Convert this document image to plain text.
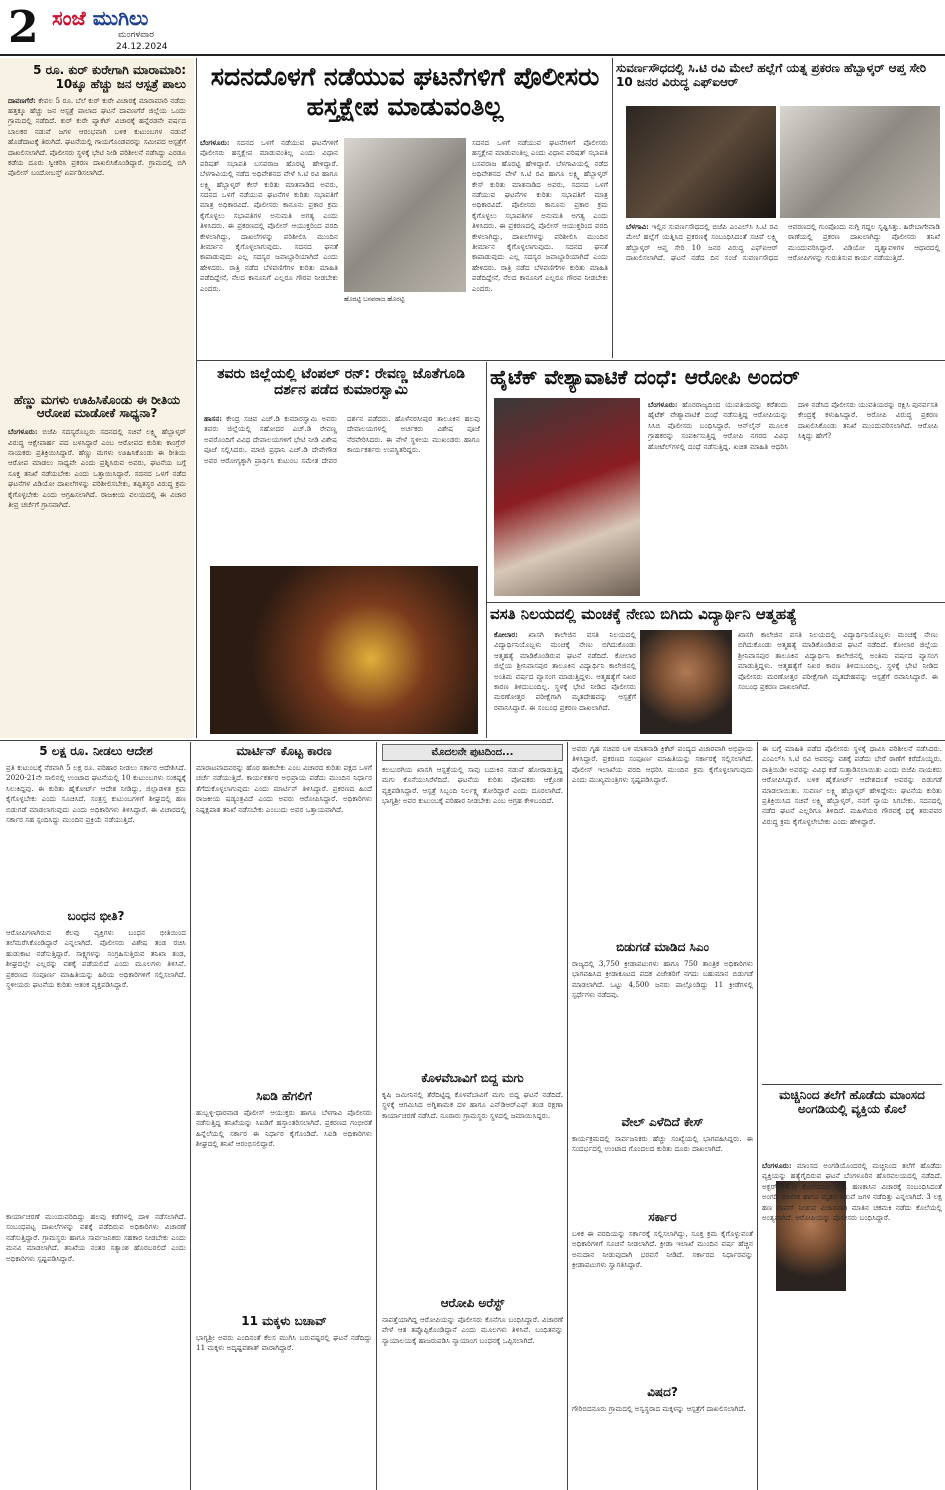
2 ಸಂಜೆ ಮುಗಿಲು
ಮಂಗಳವಾರ
24.12.2024
5 ರೂ. ಕುರ್ ಕುರೇಗಾಗಿ ಮಾರಾಮಾರಿ: 10ಕ್ಕೂ ಹೆಚ್ಚು ಜನ ಆಸ್ಪತ್ರೆ ಪಾಲು
ದಾವಣಗೆರೆ: ಕೇವಲ 5 ರೂ. ಬೆಲೆ ಕುರ್ ಕುರೇ ವಿಚಾರಕ್ಕೆ ಮಾರಾಮಾರಿ ನಡೆದು ಹತ್ತಕ್ಕೂ ಹೆಚ್ಚು ಜನ ಆಸ್ಪತ್ರೆ ಪಾಲಾದ ಘಟನೆ ದಾವಣಗೆರೆ ಜಿಲ್ಲೆಯ ಒಂದು ಗ್ರಾಮದಲ್ಲಿ ನಡೆದಿದೆ. ಕುರ್ ಕುರೇ ಪ್ಯಾಕೆಟ್ ವಿಚಾರಕ್ಕೆ ಹನ್ನೆರಡನೇ ವರ್ಷದ ಬಾಲಕರ ನಡುವೆ ಜಗಳ ಆರಂಭವಾಗಿ ಬಳಿಕ ಕುಟುಂಬಗಳ ನಡುವೆ ಹೊಡೆದಾಟಕ್ಕೆ ತಿರುಗಿದೆ. ಘಟನೆಯಲ್ಲಿ ಗಾಯಗೊಂಡವರನ್ನು ಸಮೀಪದ ಆಸ್ಪತ್ರೆಗೆ ದಾಖಲಿಸಲಾಗಿದೆ. ಪೊಲೀಸರು ಸ್ಥಳಕ್ಕೆ ಭೇಟಿ ನೀಡಿ ಪರಿಶೀಲನೆ ನಡೆಸಿದ್ದು ಎರಡೂ ಕಡೆಯ ದೂರು ಸ್ವೀಕರಿಸಿ ಪ್ರಕರಣ ದಾಖಲಿಸಿಕೊಂಡಿದ್ದಾರೆ. ಗ್ರಾಮದಲ್ಲಿ ಬಿಗಿ ಪೊಲೀಸ್ ಬಂದೋಬಸ್ತ್ ಏರ್ಪಡಿಸಲಾಗಿದೆ.
ಹೆಣ್ಣು ಮಗಳು ಊಹಿಸಿಕೊಂಡು ಈ ರೀತಿಯ ಆರೋಪ ಮಾಡೋಕೆ ಸಾಧ್ಯನಾ?
ಬೆಂಗಳೂರು: ಬಿಜೆಪಿ ಸದಸ್ಯರೊಬ್ಬರು ಸದನದಲ್ಲಿ ಸಚಿವೆ ಲಕ್ಷ್ಮಿ ಹೆಬ್ಬಾಳ್ಕರ್ ವಿರುದ್ಧ ಆಕ್ಷೇಪಾರ್ಹ ಪದ ಬಳಸಿದ್ದಾರೆ ಎಂಬ ಆರೋಪದ ಕುರಿತು ಕಾಂಗ್ರೆಸ್ ನಾಯಕರು ಪ್ರತಿಕ್ರಿಯಿಸಿದ್ದಾರೆ. ಹೆಣ್ಣು ಮಗಳು ಊಹಿಸಿಕೊಂಡು ಈ ರೀತಿಯ ಆರೋಪ ಮಾಡಲು ಸಾಧ್ಯವೇ ಎಂದು ಪ್ರಶ್ನಿಸಿರುವ ಅವರು, ಘಟನೆಯ ಬಗ್ಗೆ ಸೂಕ್ತ ತನಿಖೆ ನಡೆಯಬೇಕು ಎಂದು ಒತ್ತಾಯಿಸಿದ್ದಾರೆ. ಸದನದ ಒಳಗೆ ನಡೆದ ಘಟನೆಗಳ ವಿಡಿಯೋ ದಾಖಲೆಗಳನ್ನು ಪರಿಶೀಲಿಸಬೇಕು, ತಪ್ಪಿತಸ್ಥರ ವಿರುದ್ಧ ಕ್ರಮ ಕೈಗೊಳ್ಳಬೇಕು ಎಂದು ಆಗ್ರಹಿಸಲಾಗಿದೆ. ರಾಜಕೀಯ ವಲಯದಲ್ಲಿ ಈ ವಿಚಾರ ತೀವ್ರ ಚರ್ಚೆಗೆ ಗ್ರಾಸವಾಗಿದೆ.
ಸದನದೊಳಗೆ ನಡೆಯುವ ಘಟನೆಗಳಿಗೆ ಪೊಲೀಸರು ಹಸ್ತಕ್ಷೇಪ ಮಾಡುವಂತಿಲ್ಲ
ಹೊರಟ್ಟಿ ಬಸವರಾಜ ಹೊರಟ್ಟಿ
ಬೆಂಗಳೂರು: ಸದನದ ಒಳಗೆ ನಡೆಯುವ ಘಟನೆಗಳಿಗೆ ಪೊಲೀಸರು ಹಸ್ತಕ್ಷೇಪ ಮಾಡುವಂತಿಲ್ಲ ಎಂದು ವಿಧಾನ ಪರಿಷತ್ ಸಭಾಪತಿ ಬಸವರಾಜ ಹೊರಟ್ಟಿ ಹೇಳಿದ್ದಾರೆ. ಬೆಳಗಾವಿಯಲ್ಲಿ ನಡೆದ ಅಧಿವೇಶನದ ವೇಳೆ ಸಿ.ಟಿ ರವಿ ಹಾಗೂ ಲಕ್ಷ್ಮಿ ಹೆಬ್ಬಾಳ್ಕರ್ ಕೇಸ್ ಕುರಿತು ಮಾತನಾಡಿದ ಅವರು, ಸದನದ ಒಳಗೆ ನಡೆಯುವ ಘಟನೆಗಳ ಕುರಿತು ಸಭಾಪತಿಗೆ ಮಾತ್ರ ಅಧಿಕಾರವಿದೆ. ಪೊಲೀಸರು ಕಾನೂನು ಪ್ರಕಾರ ಕ್ರಮ ಕೈಗೊಳ್ಳಲು ಸಭಾಪತಿಗಳ ಅನುಮತಿ ಅಗತ್ಯ ಎಂದು ತಿಳಿಸಿದರು. ಈ ಪ್ರಕರಣದಲ್ಲಿ ಪೊಲೀಸ್ ಆಯುಕ್ತರಿಂದ ವರದಿ ಕೇಳಲಾಗಿದ್ದು, ದಾಖಲೆಗಳನ್ನು ಪರಿಶೀಲಿಸಿ ಮುಂದಿನ ತೀರ್ಮಾನ ಕೈಗೊಳ್ಳಲಾಗುವುದು. ಸದನದ ಘನತೆ ಕಾಪಾಡುವುದು ಎಲ್ಲ ಸದಸ್ಯರ ಜವಾಬ್ದಾರಿಯಾಗಿದೆ ಎಂದು ಹೇಳಿದರು. ರಾತ್ರಿ ನಡೆದ ಬೆಳವಣಿಗೆಗಳ ಕುರಿತು ಮಾಹಿತಿ ಪಡೆದಿದ್ದೇನೆ, ನೆಲದ ಕಾನೂನಿಗೆ ಎಲ್ಲರೂ ಗೌರವ ನೀಡಬೇಕು ಎಂದರು.
ಸದನದ ಒಳಗೆ ನಡೆಯುವ ಘಟನೆಗಳಿಗೆ ಪೊಲೀಸರು ಹಸ್ತಕ್ಷೇಪ ಮಾಡುವಂತಿಲ್ಲ ಎಂದು ವಿಧಾನ ಪರಿಷತ್ ಸಭಾಪತಿ ಬಸವರಾಜ ಹೊರಟ್ಟಿ ಹೇಳಿದ್ದಾರೆ. ಬೆಳಗಾವಿಯಲ್ಲಿ ನಡೆದ ಅಧಿವೇಶನದ ವೇಳೆ ಸಿ.ಟಿ ರವಿ ಹಾಗೂ ಲಕ್ಷ್ಮಿ ಹೆಬ್ಬಾಳ್ಕರ್ ಕೇಸ್ ಕುರಿತು ಮಾತನಾಡಿದ ಅವರು, ಸದನದ ಒಳಗೆ ನಡೆಯುವ ಘಟನೆಗಳ ಕುರಿತು ಸಭಾಪತಿಗೆ ಮಾತ್ರ ಅಧಿಕಾರವಿದೆ. ಪೊಲೀಸರು ಕಾನೂನು ಪ್ರಕಾರ ಕ್ರಮ ಕೈಗೊಳ್ಳಲು ಸಭಾಪತಿಗಳ ಅನುಮತಿ ಅಗತ್ಯ ಎಂದು ತಿಳಿಸಿದರು. ಈ ಪ್ರಕರಣದಲ್ಲಿ ಪೊಲೀಸ್ ಆಯುಕ್ತರಿಂದ ವರದಿ ಕೇಳಲಾಗಿದ್ದು, ದಾಖಲೆಗಳನ್ನು ಪರಿಶೀಲಿಸಿ ಮುಂದಿನ ತೀರ್ಮಾನ ಕೈಗೊಳ್ಳಲಾಗುವುದು. ಸದನದ ಘನತೆ ಕಾಪಾಡುವುದು ಎಲ್ಲ ಸದಸ್ಯರ ಜವಾಬ್ದಾರಿಯಾಗಿದೆ ಎಂದು ಹೇಳಿದರು. ರಾತ್ರಿ ನಡೆದ ಬೆಳವಣಿಗೆಗಳ ಕುರಿತು ಮಾಹಿತಿ ಪಡೆದಿದ್ದೇನೆ, ನೆಲದ ಕಾನೂನಿಗೆ ಎಲ್ಲರೂ ಗೌರವ ನೀಡಬೇಕು ಎಂದರು.
ಸುವರ್ಣಸೌಧದಲ್ಲಿ ಸಿ.ಟಿ ರವಿ ಮೇಲೆ ಹಲ್ಲೆಗೆ ಯತ್ನ ಪ್ರಕರಣ ಹೆಬ್ಬಾಳ್ಕರ್ ಆಪ್ತ ಸೇರಿ 10 ಜನರ ವಿರುದ್ಧ ಎಫ್‌ಐಆರ್
ಬೆಳಗಾವಿ: ಇಲ್ಲಿನ ಸುವರ್ಣಸೌಧದಲ್ಲಿ ಬಿಜೆಪಿ ಎಂಎಲ್‌ಸಿ ಸಿ.ಟಿ ರವಿ ಮೇಲೆ ಹಲ್ಲೆಗೆ ಯತ್ನಿಸಿದ ಪ್ರಕರಣಕ್ಕೆ ಸಂಬಂಧಿಸಿದಂತೆ ಸಚಿವೆ ಲಕ್ಷ್ಮಿ ಹೆಬ್ಬಾಳ್ಕರ್ ಆಪ್ತ ಸೇರಿ 10 ಜನರ ವಿರುದ್ಧ ಎಫ್‌ಐಆರ್ ದಾಖಲಿಸಲಾಗಿದೆ. ಘಟನೆ ನಡೆದ ದಿನ ಸಂಜೆ ಸುವರ್ಣಸೌಧದ ಆವರಣದಲ್ಲಿ ಗುಂಪೊಂದು ನುಗ್ಗಿ ಗದ್ದಲ ಸೃಷ್ಟಿಸಿತ್ತು. ಹಿರೇಬಾಗೇವಾಡಿ ಠಾಣೆಯಲ್ಲಿ ಪ್ರಕರಣ ದಾಖಲಾಗಿದ್ದು ಪೊಲೀಸರು ತನಿಖೆ ಮುಂದುವರಿಸಿದ್ದಾರೆ. ವಿಡಿಯೋ ದೃಶ್ಯಾವಳಿಗಳ ಆಧಾರದಲ್ಲಿ ಆರೋಪಿಗಳನ್ನು ಗುರುತಿಸುವ ಕಾರ್ಯ ನಡೆಯುತ್ತಿದೆ.
ತವರು ಜಿಲ್ಲೆಯಲ್ಲಿ ಟೆಂಪಲ್ ರನ್: ರೇವಣ್ಣ ಜೊತೆಗೂಡಿ ದರ್ಶನ ಪಡೆದ ಕುಮಾರಸ್ವಾಮಿ
ಹಾಸನ: ಕೇಂದ್ರ ಸಚಿವ ಎಚ್.ಡಿ ಕುಮಾರಸ್ವಾಮಿ ಅವರು ತವರು ಜಿಲ್ಲೆಯಲ್ಲಿ ಸಹೋದರ ಎಚ್.ಡಿ ರೇವಣ್ಣ ಅವರೊಂದಿಗೆ ವಿವಿಧ ದೇವಾಲಯಗಳಿಗೆ ಭೇಟಿ ನೀಡಿ ವಿಶೇಷ ಪೂಜೆ ಸಲ್ಲಿಸಿದರು. ಮಾಜಿ ಪ್ರಧಾನಿ ಎಚ್.ಡಿ ದೇವೇಗೌಡ ಅವರ ಆರೋಗ್ಯಕ್ಕಾಗಿ ಪ್ರಾರ್ಥಿಸಿ ಕುಟುಂಬ ಸಮೇತ ದೇವರ ದರ್ಶನ ಪಡೆದರು. ಹೊಳೆನರಸೀಪುರ ತಾಲೂಕಿನ ಹಲವು ದೇವಾಲಯಗಳಲ್ಲಿ ಅರ್ಚಕರು ವಿಶೇಷ ಪೂಜೆ ನೆರವೇರಿಸಿದರು. ಈ ವೇಳೆ ಸ್ಥಳೀಯ ಮುಖಂಡರು ಹಾಗೂ ಕಾರ್ಯಕರ್ತರು ಉಪಸ್ಥಿತರಿದ್ದರು.
ಹೈಟೆಕ್ ವೇಶ್ಯಾವಾಟಿಕೆ ದಂಧೆ: ಆರೋಪಿ ಅಂದರ್
ಬೆಂಗಳೂರು: ಹೊರರಾಜ್ಯದಿಂದ ಯುವತಿಯರನ್ನು ಕರೆತಂದು ಹೈಟೆಕ್ ವೇಶ್ಯಾವಾಟಿಕೆ ದಂಧೆ ನಡೆಸುತ್ತಿದ್ದ ಆರೋಪಿಯನ್ನು ಸಿಸಿಬಿ ಪೊಲೀಸರು ಬಂಧಿಸಿದ್ದಾರೆ. ಆನ್‌ಲೈನ್ ಮೂಲಕ ಗ್ರಾಹಕರನ್ನು ಸಂಪರ್ಕಿಸುತ್ತಿದ್ದ ಆರೋಪಿ ನಗರದ ವಿವಿಧ ಹೋಟೆಲ್‌ಗಳಲ್ಲಿ ದಂಧೆ ನಡೆಸುತ್ತಿದ್ದ. ಖಚಿತ ಮಾಹಿತಿ ಆಧರಿಸಿ ದಾಳಿ ನಡೆಸಿದ ಪೊಲೀಸರು ಯುವತಿಯರನ್ನು ರಕ್ಷಿಸಿ ಪುನರ್ವಸತಿ ಕೇಂದ್ರಕ್ಕೆ ಕಳುಹಿಸಿದ್ದಾರೆ. ಆರೋಪಿ ವಿರುದ್ಧ ಪ್ರಕರಣ ದಾಖಲಿಸಿಕೊಂಡು ತನಿಖೆ ಮುಂದುವರಿಸಲಾಗಿದೆ. ಆರೋಪಿ ಸಿಕ್ಕಿದ್ದು ಹೇಗೆ?
ವಸತಿ ನಿಲಯದಲ್ಲಿ ಮಂಚಕ್ಕೆ ನೇಣು ಬಿಗಿದು ವಿದ್ಯಾರ್ಥಿನಿ ಆತ್ಮಹತ್ಯೆ
ಕೋಲಾರ: ಖಾಸಗಿ ಕಾಲೇಜಿನ ವಸತಿ ನಿಲಯದಲ್ಲಿ ವಿದ್ಯಾರ್ಥಿನಿಯೊಬ್ಬಳು ಮಂಚಕ್ಕೆ ನೇಣು ಬಿಗಿದುಕೊಂಡು ಆತ್ಮಹತ್ಯೆ ಮಾಡಿಕೊಂಡಿರುವ ಘಟನೆ ನಡೆದಿದೆ. ಕೋಲಾರ ಜಿಲ್ಲೆಯ ಶ್ರೀನಿವಾಸಪುರ ತಾಲೂಕಿನ ವಿದ್ಯಾರ್ಥಿನಿ ಕಾಲೇಜಿನಲ್ಲಿ ಅಂತಿಮ ವರ್ಷದ ವ್ಯಾಸಂಗ ಮಾಡುತ್ತಿದ್ದಳು. ಆತ್ಮಹತ್ಯೆಗೆ ನಿಖರ ಕಾರಣ ತಿಳಿದುಬಂದಿಲ್ಲ. ಸ್ಥಳಕ್ಕೆ ಭೇಟಿ ನೀಡಿದ ಪೊಲೀಸರು ಮರಣೋತ್ತರ ಪರೀಕ್ಷೆಗಾಗಿ ಮೃತದೇಹವನ್ನು ಆಸ್ಪತ್ರೆಗೆ ರವಾನಿಸಿದ್ದಾರೆ. ಈ ಸಂಬಂಧ ಪ್ರಕರಣ ದಾಖಲಾಗಿದೆ.
ಖಾಸಗಿ ಕಾಲೇಜಿನ ವಸತಿ ನಿಲಯದಲ್ಲಿ ವಿದ್ಯಾರ್ಥಿನಿಯೊಬ್ಬಳು ಮಂಚಕ್ಕೆ ನೇಣು ಬಿಗಿದುಕೊಂಡು ಆತ್ಮಹತ್ಯೆ ಮಾಡಿಕೊಂಡಿರುವ ಘಟನೆ ನಡೆದಿದೆ. ಕೋಲಾರ ಜಿಲ್ಲೆಯ ಶ್ರೀನಿವಾಸಪುರ ತಾಲೂಕಿನ ವಿದ್ಯಾರ್ಥಿನಿ ಕಾಲೇಜಿನಲ್ಲಿ ಅಂತಿಮ ವರ್ಷದ ವ್ಯಾಸಂಗ ಮಾಡುತ್ತಿದ್ದಳು. ಆತ್ಮಹತ್ಯೆಗೆ ನಿಖರ ಕಾರಣ ತಿಳಿದುಬಂದಿಲ್ಲ. ಸ್ಥಳಕ್ಕೆ ಭೇಟಿ ನೀಡಿದ ಪೊಲೀಸರು ಮರಣೋತ್ತರ ಪರೀಕ್ಷೆಗಾಗಿ ಮೃತದೇಹವನ್ನು ಆಸ್ಪತ್ರೆಗೆ ರವಾನಿಸಿದ್ದಾರೆ. ಈ ಸಂಬಂಧ ಪ್ರಕರಣ ದಾಖಲಾಗಿದೆ.
5 ಲಕ್ಷ ರೂ. ನೀಡಲು ಆದೇಶ
ಪ್ರತಿ ಕುಟುಂಬಕ್ಕೆ ನೆರವಾಗಿ 5 ಲಕ್ಷ ರೂ. ಪರಿಹಾರ ನೀಡಲು ಸರ್ಕಾರ ಆದೇಶಿಸಿದೆ. 2020-21ನೇ ಸಾಲಿನಲ್ಲಿ ಉಂಟಾದ ಘಟನೆಯಲ್ಲಿ 10 ಕುಟುಂಬಗಳು ಸಂಕಷ್ಟಕ್ಕೆ ಸಿಲುಕಿದ್ದವು. ಈ ಕುರಿತು ಹೈಕೋರ್ಟ್ ಆದೇಶ ನೀಡಿದ್ದು, ಜಿಲ್ಲಾಡಳಿತ ಕ್ರಮ ಕೈಗೊಳ್ಳಬೇಕು ಎಂದು ಸೂಚಿಸಿದೆ. ಸಂತ್ರಸ್ತ ಕುಟುಂಬಗಳಿಗೆ ಶೀಘ್ರದಲ್ಲಿ ಹಣ ಬಿಡುಗಡೆ ಮಾಡಲಾಗುವುದು ಎಂದು ಅಧಿಕಾರಿಗಳು ತಿಳಿಸಿದ್ದಾರೆ. ಈ ವಿಚಾರದಲ್ಲಿ ಸರ್ಕಾರ ಸಹ ಸ್ಪಂದಿಸಿದ್ದು ಮುಂದಿನ ಪ್ರಕ್ರಿಯೆ ನಡೆಯುತ್ತಿದೆ.
ಬಂಧನ ಭೀತಿ?
ಆರೋಪಿಗಳಾಗಿರುವ ಕೆಲವು ವ್ಯಕ್ತಿಗಳು ಬಂಧನ ಭೀತಿಯಿಂದ ತಲೆಮರೆಸಿಕೊಂಡಿದ್ದಾರೆ ಎನ್ನಲಾಗಿದೆ. ಪೊಲೀಸರು ವಿಶೇಷ ತಂಡ ರಚಿಸಿ ಹುಡುಕಾಟ ನಡೆಸುತ್ತಿದ್ದಾರೆ. ಸಾಕ್ಷ್ಯಗಳನ್ನು ಸಂಗ್ರಹಿಸುತ್ತಿರುವ ತನಿಖಾ ತಂಡ, ಶೀಘ್ರದಲ್ಲೇ ಎಲ್ಲರನ್ನು ವಶಕ್ಕೆ ಪಡೆಯಲಿದೆ ಎಂದು ಮೂಲಗಳು ತಿಳಿಸಿವೆ. ಪ್ರಕರಣದ ಸಂಪೂರ್ಣ ಮಾಹಿತಿಯನ್ನು ಹಿರಿಯ ಅಧಿಕಾರಿಗಳಿಗೆ ಸಲ್ಲಿಸಲಾಗಿದೆ. ಸ್ಥಳೀಯರು ಘಟನೆಯ ಕುರಿತು ಆತಂಕ ವ್ಯಕ್ತಪಡಿಸಿದ್ದಾರೆ.
ಕಾರ್ಯಾಚರಣೆ ಮುಂದುವರಿದಿದ್ದು ಹಲವು ಕಡೆಗಳಲ್ಲಿ ದಾಳಿ ನಡೆಸಲಾಗಿದೆ. ಸಂಬಂಧಪಟ್ಟ ದಾಖಲೆಗಳನ್ನು ವಶಕ್ಕೆ ಪಡೆದಿರುವ ಅಧಿಕಾರಿಗಳು ವಿಚಾರಣೆ ನಡೆಸುತ್ತಿದ್ದಾರೆ. ಗ್ರಾಮಸ್ಥರು ಹಾಗೂ ಸಾರ್ವಜನಿಕರು ಸಹಕಾರ ನೀಡಬೇಕು ಎಂದು ಮನವಿ ಮಾಡಲಾಗಿದೆ. ತನಿಖೆಯ ನಂತರ ಸತ್ಯಾಂಶ ಹೊರಬರಲಿದೆ ಎಂದು ಅಧಿಕಾರಿಗಳು ಸ್ಪಷ್ಟಪಡಿಸಿದ್ದಾರೆ.
ಮಾರ್ಟಿನ್ ಕೊಟ್ಟ ಕಾರಣ
ಮಾರಾಟವಾದವರನ್ನು ಹೊರ ಹಾಕಬೇಕು ಎಂಬ ವಿಚಾರದ ಕುರಿತು ಪಕ್ಷದ ಒಳಗೆ ಚರ್ಚೆ ನಡೆಯುತ್ತಿದೆ. ಕಾರ್ಯಕರ್ತರ ಅಭಿಪ್ರಾಯ ಪಡೆದು ಮುಂದಿನ ನಿರ್ಧಾರ ತೆಗೆದುಕೊಳ್ಳಲಾಗುವುದು ಎಂದು ಮಾರ್ಟಿನ್ ತಿಳಿಸಿದ್ದಾರೆ. ಪ್ರಕರಣದ ಹಿಂದೆ ರಾಜಕೀಯ ಷಡ್ಯಂತ್ರವಿದೆ ಎಂದು ಅವರು ಆರೋಪಿಸಿದ್ದಾರೆ. ಅಧಿಕಾರಿಗಳು ನಿಷ್ಪಕ್ಷಪಾತ ತನಿಖೆ ನಡೆಸಬೇಕು ಎಂಬುದು ಅವರ ಒತ್ತಾಯವಾಗಿದೆ.
ಸಿಐಡಿ ಹೆಗಲಿಗೆ
ಹುಬ್ಬಳ್ಳಿ-ಧಾರವಾಡ ಪೊಲೀಸ್ ಆಯುಕ್ತರು ಹಾಗೂ ಬೆಳಗಾವಿ ಪೊಲೀಸರು ನಡೆಸುತ್ತಿದ್ದ ತನಿಖೆಯನ್ನು ಸಿಐಡಿಗೆ ಹಸ್ತಾಂತರಿಸಲಾಗಿದೆ. ಪ್ರಕರಣದ ಗಂಭೀರತೆ ಹಿನ್ನೆಲೆಯಲ್ಲಿ ಸರ್ಕಾರ ಈ ನಿರ್ಧಾರ ಕೈಗೊಂಡಿದೆ. ಸಿಐಡಿ ಅಧಿಕಾರಿಗಳು ಶೀಘ್ರದಲ್ಲಿ ತನಿಖೆ ಆರಂಭಿಸಲಿದ್ದಾರೆ.
11 ಮಕ್ಕಳು ಬಚಾವ್
ಭಾಗ್ಯಶ್ರೀ ಅವರು ಎಂದಿನಂತೆ ಕೆಲಸ ಮುಗಿಸಿ ಬರುವಷ್ಟರಲ್ಲಿ ಘಟನೆ ನಡೆದಿದ್ದು 11 ಮಕ್ಕಳು ಅದೃಷ್ಟವಶಾತ್ ಪಾರಾಗಿದ್ದಾರೆ.
ಮೊದಲನೇ ಪುಟದಿಂದ...
ಕಲಬುರಗಿಯ ಖಾಸಗಿ ಆಸ್ಪತ್ರೆಯಲ್ಲಿ ಸಾವು ಬದುಕಿನ ನಡುವೆ ಹೋರಾಡುತ್ತಿದ್ದ ಮಗು ಕೊನೆಯುಸಿರೆಳೆದಿದೆ. ಘಟನೆಯ ಕುರಿತು ಪೋಷಕರು ಆಕ್ರೋಶ ವ್ಯಕ್ತಪಡಿಸಿದ್ದಾರೆ. ಆಸ್ಪತ್ರೆ ಸಿಬ್ಬಂದಿ ನಿರ್ಲಕ್ಷ್ಯ ತೋರಿದ್ದಾರೆ ಎಂದು ದೂರಲಾಗಿದೆ. ಭಾಗ್ಯಶ್ರೀ ಅವರ ಕುಟುಂಬಕ್ಕೆ ಪರಿಹಾರ ನೀಡಬೇಕು ಎಂಬ ಆಗ್ರಹ ಕೇಳಿಬಂದಿದೆ.
ಕೊಳವೆಬಾವಿಗೆ ಬಿದ್ದ ಮಗು
ಕೃಷಿ ಜಮೀನಿನಲ್ಲಿ ತೆರೆದಿಟ್ಟಿದ್ದ ಕೊಳವೆಬಾವಿಗೆ ಮಗು ಬಿದ್ದ ಘಟನೆ ನಡೆದಿದೆ. ಸ್ಥಳಕ್ಕೆ ಆಗಮಿಸಿದ ಅಗ್ನಿಶಾಮಕ ದಳ ಹಾಗೂ ಎನ್‌ಡಿಆರ್‌ಎಫ್ ತಂಡ ರಕ್ಷಣಾ ಕಾರ್ಯಾಚರಣೆ ನಡೆಸಿದೆ. ನೂರಾರು ಗ್ರಾಮಸ್ಥರು ಸ್ಥಳದಲ್ಲಿ ಜಮಾಯಿಸಿದ್ದರು.
ಆರೋಪಿ ಅರೆಸ್ಟ್
ನಾಪತ್ತೆಯಾಗಿದ್ದ ಆರೋಪಿಯನ್ನು ಪೊಲೀಸರು ಕೊನೆಗೂ ಬಂಧಿಸಿದ್ದಾರೆ. ವಿಚಾರಣೆ ವೇಳೆ ಆತ ತಪ್ಪೊಪ್ಪಿಕೊಂಡಿದ್ದಾನೆ ಎಂದು ಮೂಲಗಳು ತಿಳಿಸಿವೆ. ಬಂಧಿತನನ್ನು ನ್ಯಾಯಾಲಯಕ್ಕೆ ಹಾಜರುಪಡಿಸಿ ನ್ಯಾಯಾಂಗ ಬಂಧನಕ್ಕೆ ಒಪ್ಪಿಸಲಾಗಿದೆ.
ಅವರು ಗೃಹ ಸಚಿವರ ಬಳಿ ಮಾತನಾಡಿ ಕ್ರಿಕೆಟ್ ಪಂದ್ಯದ ವಿಚಾರವಾಗಿ ಅಭಿಪ್ರಾಯ ತಿಳಿಸಿದ್ದಾರೆ. ಪ್ರಕರಣದ ಸಂಪೂರ್ಣ ಮಾಹಿತಿಯನ್ನು ಸರ್ಕಾರಕ್ಕೆ ಸಲ್ಲಿಸಲಾಗಿದೆ. ಪೊಲೀಸ್ ಇಲಾಖೆಯ ವರದಿ ಆಧರಿಸಿ ಮುಂದಿನ ಕ್ರಮ ಕೈಗೊಳ್ಳಲಾಗುವುದು ಎಂದು ಮುಖ್ಯಮಂತ್ರಿಗಳು ಸ್ಪಷ್ಟಪಡಿಸಿದ್ದಾರೆ.
ಬಿಡುಗಡೆ ಮಾಡಿದ ಸಿಎಂ
ರಾಜ್ಯದಲ್ಲಿ 3,750 ಕ್ರೀಡಾಪಟುಗಳು ಹಾಗೂ 750 ತಾಂತ್ರಿಕ ಅಧಿಕಾರಿಗಳು ಭಾಗವಹಿಸಿದ ಕ್ರೀಡಾಕೂಟದ ಪದಕ ವಿಜೇತರಿಗೆ ನಗದು ಬಹುಮಾನ ಬಿಡುಗಡೆ ಮಾಡಲಾಗಿದೆ. ಒಟ್ಟು 4,500 ಜನರು ಪಾಲ್ಗೊಂಡಿದ್ದು 11 ಕ್ರೀಡೆಗಳಲ್ಲಿ ಸ್ಪರ್ಧೆಗಳು ನಡೆದವು.
ವೇಲ್ ಎಳೆದಿದೆ ಕೇಸ್
ಕಾರ್ಯಕ್ರಮದಲ್ಲಿ ಸಾರ್ವಜನಿಕರು ಹೆಚ್ಚು ಸಂಖ್ಯೆಯಲ್ಲಿ ಭಾಗವಹಿಸಿದ್ದರು. ಈ ಸಂದರ್ಭದಲ್ಲಿ ಉಂಟಾದ ಗೊಂದಲದ ಕುರಿತು ದೂರು ದಾಖಲಾಗಿದೆ.
ಸರ್ಕಾರ
ಬಳಿಕ ಈ ವರದಿಯನ್ನು ಸರ್ಕಾರಕ್ಕೆ ಸಲ್ಲಿಸಲಾಗಿದ್ದು, ಸೂಕ್ತ ಕ್ರಮ ಕೈಗೊಳ್ಳುವಂತೆ ಅಧಿಕಾರಿಗಳಿಗೆ ಸೂಚನೆ ನೀಡಲಾಗಿದೆ. ಕ್ರೀಡಾ ಇಲಾಖೆ ಮುಂದಿನ ವರ್ಷ ಹೆಚ್ಚಿನ ಅನುದಾನ ನೀಡುವುದಾಗಿ ಭರವಸೆ ನೀಡಿದೆ. ಸರ್ಕಾರದ ನಿರ್ಧಾರವನ್ನು ಕ್ರೀಡಾಪಟುಗಳು ಸ್ವಾಗತಿಸಿದ್ದಾರೆ.
ವಿಷದ?
ಗೌರಿಬಿದನೂರು ಗ್ರಾಮದಲ್ಲಿ ಅಸ್ವಸ್ಥರಾದ ಮಕ್ಕಳನ್ನು ಆಸ್ಪತ್ರೆಗೆ ದಾಖಲಿಸಲಾಗಿದೆ.
ಈ ಬಗ್ಗೆ ಮಾಹಿತಿ ಪಡೆದ ಪೊಲೀಸರು ಸ್ಥಳಕ್ಕೆ ಧಾವಿಸಿ ಪರಿಶೀಲನೆ ನಡೆಸಿದರು. ಎಂಎಲ್‌ಸಿ ಸಿ.ಟಿ ರವಿ ಅವರನ್ನು ವಶಕ್ಕೆ ಪಡೆದು ಬೇರೆ ಠಾಣೆಗೆ ಕರೆದೊಯ್ದರು. ರಾತ್ರಿಯಿಡೀ ಅವರನ್ನು ವಿವಿಧ ಕಡೆ ಸುತ್ತಾಡಿಸಲಾಯಿತು ಎಂದು ಬಿಜೆಪಿ ನಾಯಕರು ಆರೋಪಿಸಿದ್ದಾರೆ. ಬಳಿಕ ಹೈಕೋರ್ಟ್ ಆದೇಶದಂತೆ ಅವರನ್ನು ಬಿಡುಗಡೆ ಮಾಡಲಾಯಿತು. ಸುವರ್ಣ ಲಕ್ಷ್ಮಿ ಹೆಬ್ಬಾಳ್ಕರ್ ಹೇಳಿದ್ದೇನು: ಘಟನೆಯ ಕುರಿತು ಪ್ರತಿಕ್ರಿಯಿಸಿದ ಸಚಿವೆ ಲಕ್ಷ್ಮಿ ಹೆಬ್ಬಾಳ್ಕರ್, ನನಗೆ ನ್ಯಾಯ ಸಿಗಬೇಕು. ಸದನದಲ್ಲಿ ನಡೆದ ಘಟನೆ ಎಲ್ಲರಿಗೂ ತಿಳಿದಿದೆ. ಮಹಿಳೆಯರ ಗೌರವಕ್ಕೆ ಧಕ್ಕೆ ತರುವವರ ವಿರುದ್ಧ ಕ್ರಮ ಕೈಗೊಳ್ಳಲೇಬೇಕು ಎಂದು ಹೇಳಿದ್ದಾರೆ.
ಮಚ್ಚಿನಿಂದ ತಲೆಗೆ ಹೊಡೆದು ಮಾಂಸದ ಅಂಗಡಿಯಲ್ಲಿ ವ್ಯಕ್ತಿಯ ಕೊಲೆ
ಬೆಂಗಳೂರು: ಮಾಂಸದ ಅಂಗಡಿಯೊಂದರಲ್ಲಿ ಮಚ್ಚಿನಿಂದ ತಲೆಗೆ ಹೊಡೆದು ವ್ಯಕ್ತಿಯನ್ನು ಹತ್ಯೆಗೈದಿರುವ ಘಟನೆ ಬೆಂಗಳೂರಿನ ಹೊರವಲಯದಲ್ಲಿ ನಡೆದಿದೆ. ಅಕ್ಬರ್ (45) ಕೊಲೆಯಾದ ವ್ಯಕ್ತಿ. ಹಣಕಾಸಿನ ವಿಚಾರಕ್ಕೆ ಸಂಬಂಧಿಸಿದಂತೆ ಅಂಗಡಿ ಮಾಲೀಕ ಹಾಗೂ ಮೃತನ ನಡುವೆ ಜಗಳ ನಡೆದಿತ್ತು ಎನ್ನಲಾಗಿದೆ. 3 ಲಕ್ಷ ಹಣ ವಾಪಸ್ ನೀಡುವ ವಿಚಾರವಾಗಿ ಮಾತಿನ ಚಕಮಕಿ ನಡೆದು ಕೊಲೆಯಲ್ಲಿ ಅಂತ್ಯವಾಗಿದೆ. ಆರೋಪಿಯನ್ನು ಪೊಲೀಸರು ಬಂಧಿಸಿದ್ದಾರೆ.
